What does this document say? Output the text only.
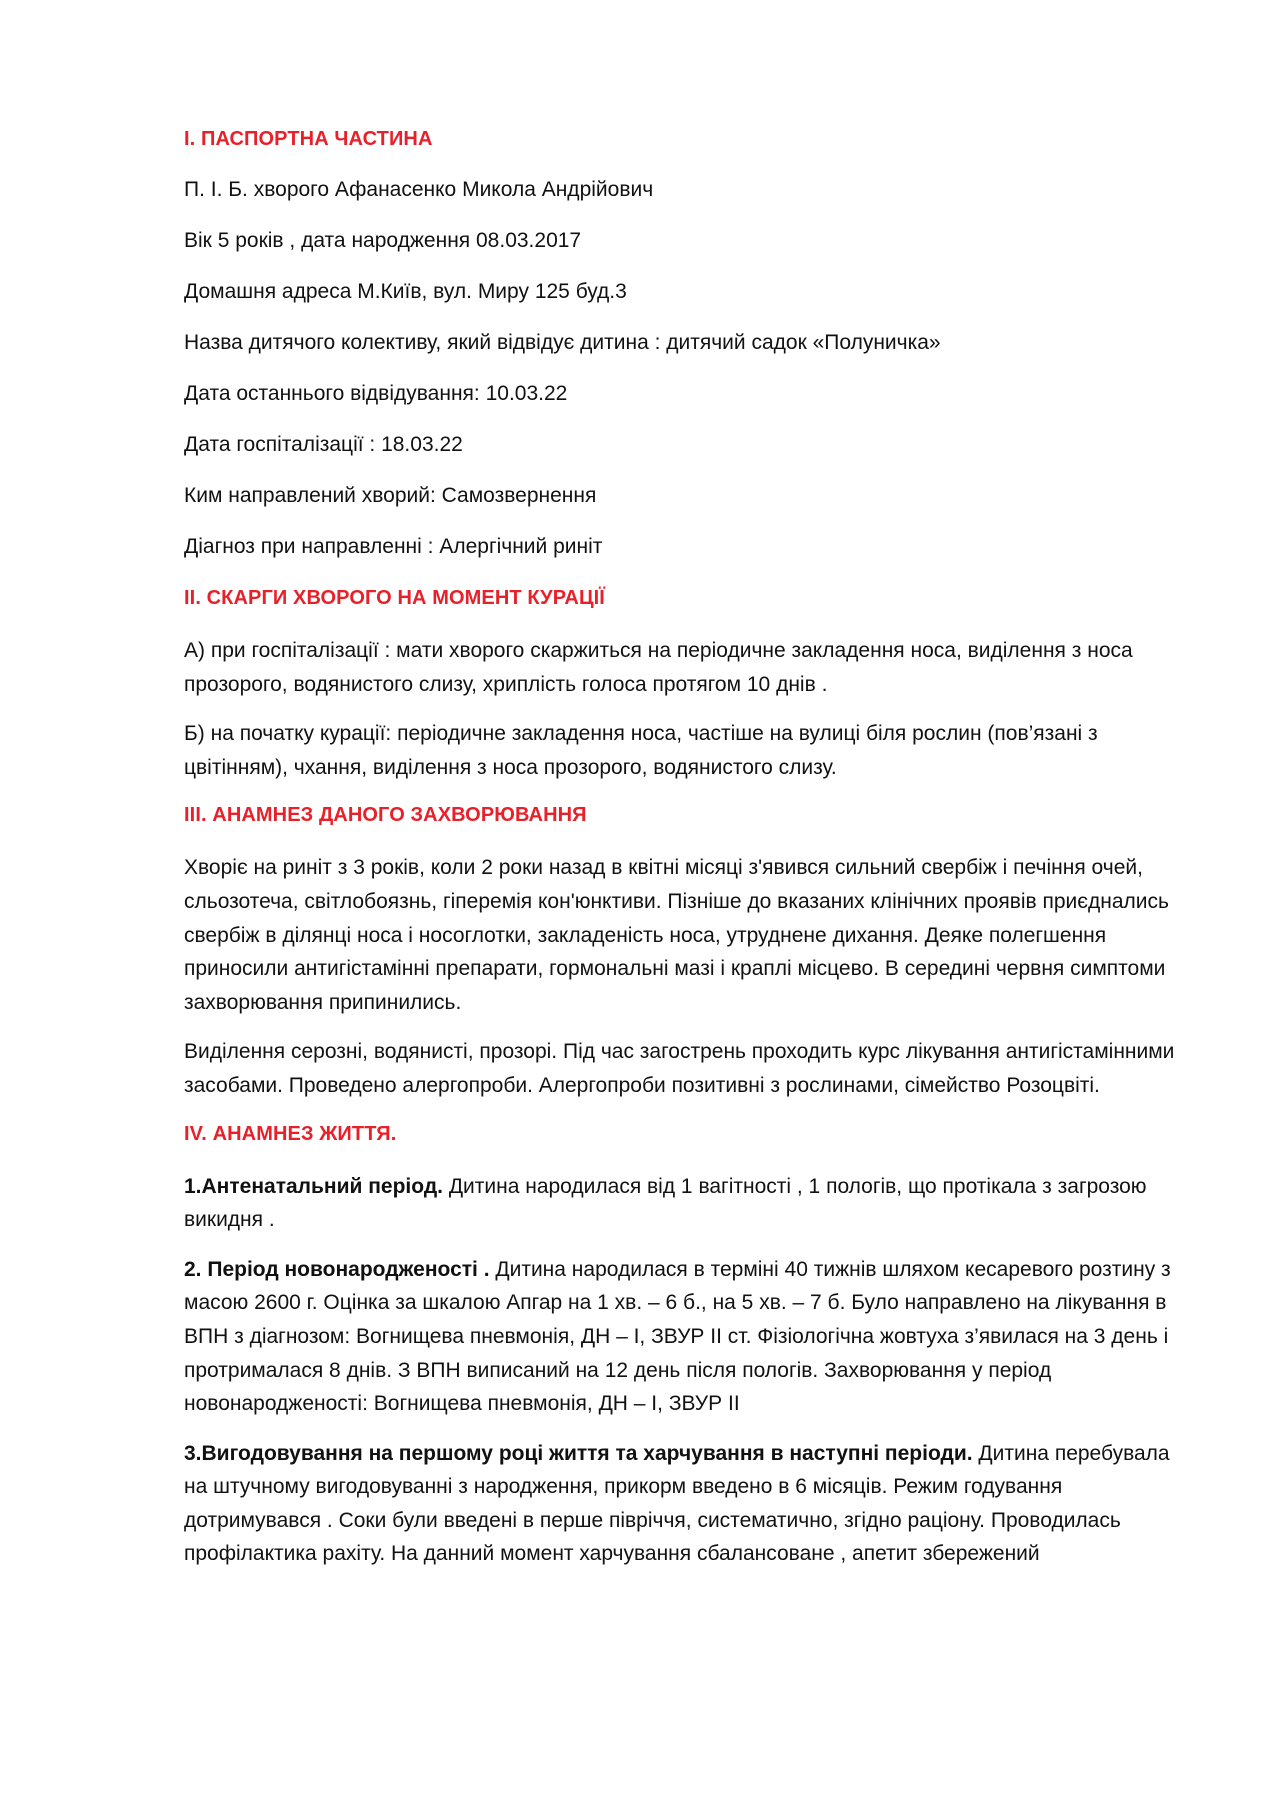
I. ПАСПОРТНА ЧАСТИНА
П. І. Б. хворого Афанасенко Микола Андрійович
Вік 5 років , дата народження 08.03.2017
Домашня адреса М.Київ, вул. Миру 125 буд.3
Назва дитячого колективу, який відвідує дитина : дитячий садок «Полуничка»
Дата останнього відвідування: 10.03.22
Дата госпіталізації : 18.03.22
Ким направлений хворий: Самозвернення
Діагноз при направленні : Алергічний риніт
II. СКАРГИ ХВОРОГО НА МОМЕНТ КУРАЦІЇ
А) при госпіталізації : мати хворого скаржиться на періодичне закладення носа, виділення з носа прозорого, водянистого слизу, хриплість голоса протягом 10 днів .
Б) на початку курації: періодичне закладення носа, частіше на вулиці біля рослин (пов’язані з цвітінням), чхання, виділення з носа прозорого, водянистого слизу.
III. АНАМНЕЗ ДАНОГО ЗАХВОРЮВАННЯ
Хворіє на риніт з 3 років, коли 2 роки назад в квітні місяці з'явився сильний свербіж і печіння очей, сльозотеча, світлобоязнь, гіперемія кон'юнктиви. Пізніше до вказаних клінічних проявів приєднались свербіж в ділянці носа і носоглотки, закладеність носа, утруднене дихання. Деяке полегшення приносили антигістамінні препарати, гормональні мазі і краплі місцево. В середині червня симптоми захворювання припинились.
Виділення серозні, водянисті, прозорі. Під час загострень проходить курс лікування антигістамінними засобами. Проведено алергопроби. Алергопроби позитивні з рослинами, сімейство Розоцвіті.
IV. АНАМНЕЗ ЖИТТЯ.
1.Антенатальний період. Дитина народилася від 1 вагітності , 1 пологів, що протікала з загрозою викидня .
2. Період новонародженості . Дитина народилася в терміні 40 тижнів шляхом кесаревого розтину з масою 2600 г. Оцінка за шкалою Апгар на 1 хв. – 6 б., на 5 хв. – 7 б. Було направлено на лікування в ВПН з діагнозом: Вогнищева пневмонія, ДН – І, ЗВУР ІІ ст. Фізіологічна жовтуха з’явилася на 3 день і протрималася 8 днів. З ВПН виписаний на 12 день після пологів. Захворювання у період новонародженості: Вогнищева пневмонія, ДН – І, ЗВУР ІІ
3.Вигодовування на першому році життя та харчування в наступні періоди. Дитина перебувала на штучному вигодовуванні з народження, прикорм введено в 6 місяців. Режим годування дотримувався . Соки були введені в перше півріччя, систематично, згідно раціону. Проводилась профілактика рахіту. На данний момент харчування сбалансоване , апетит збережений
